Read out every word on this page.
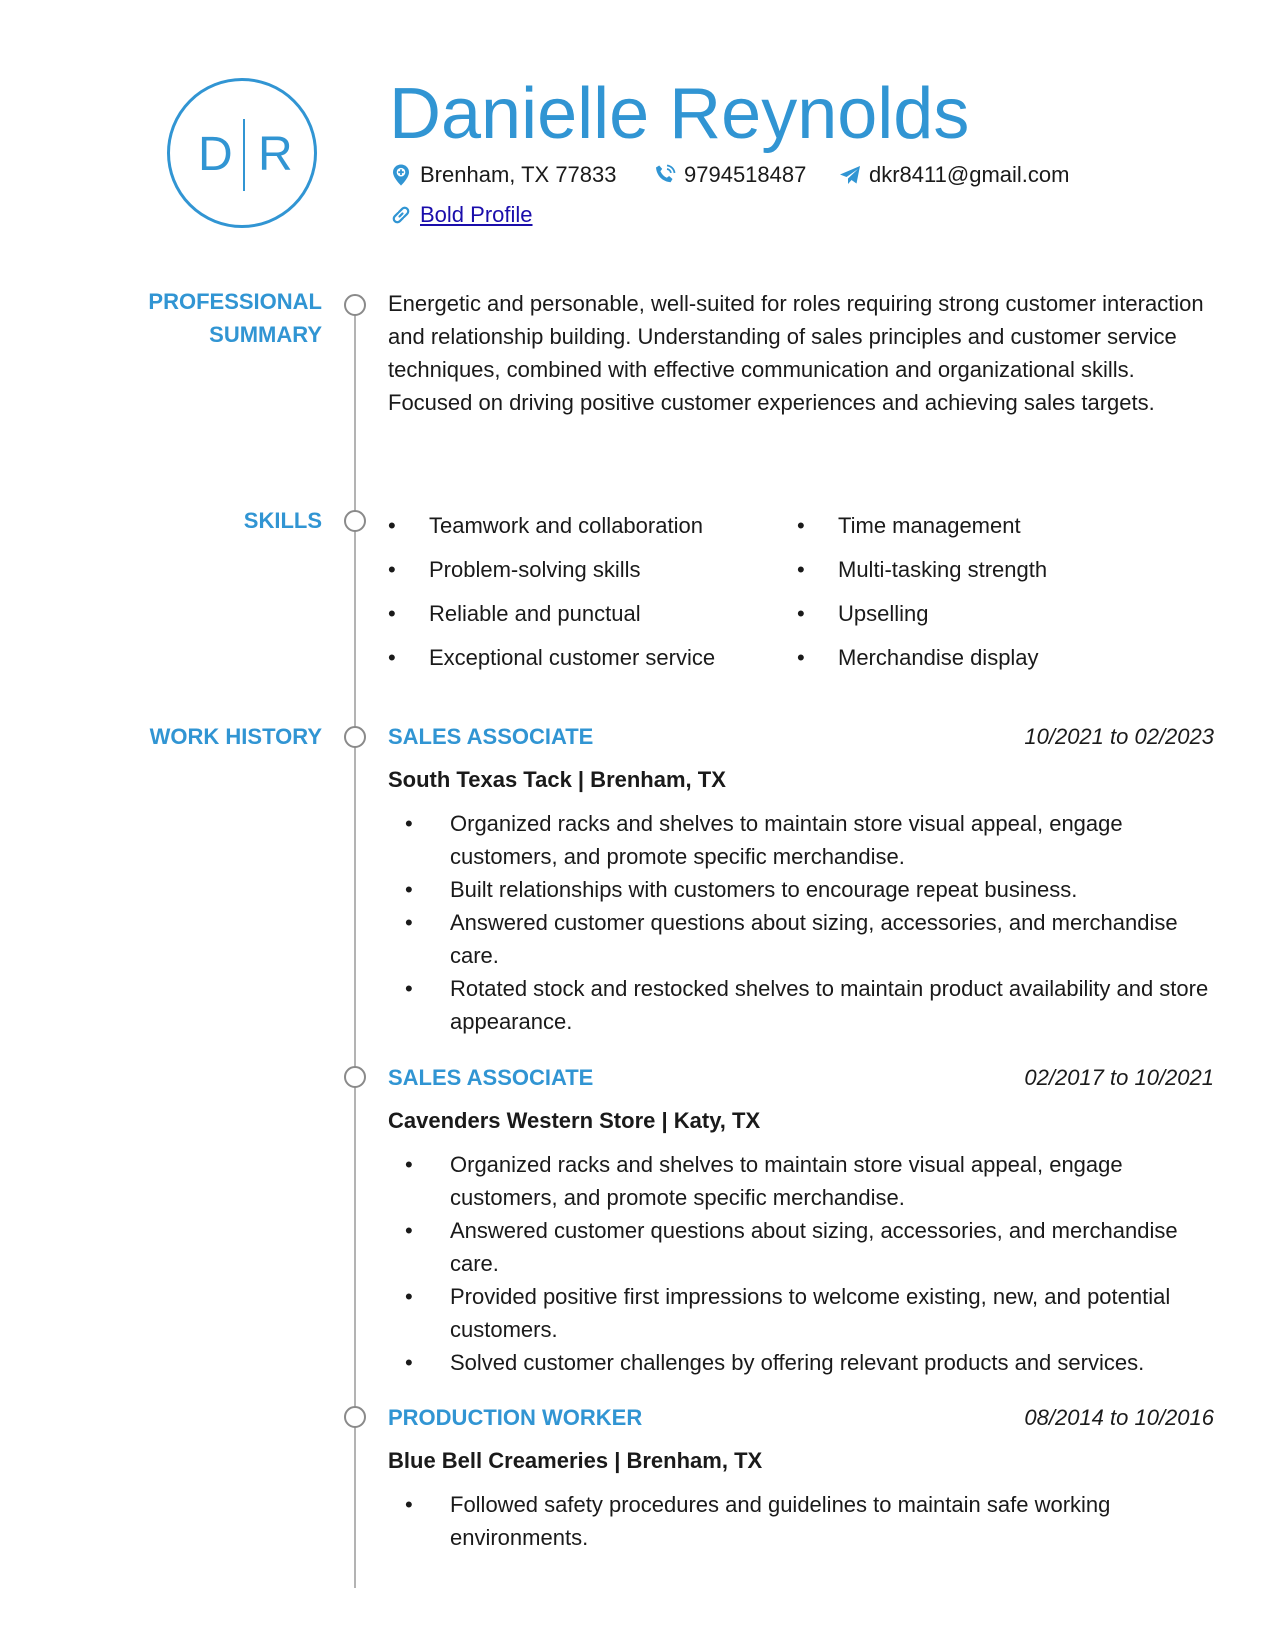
D R
Danielle Reynolds
Brenham, TX 77833	9794518487	dkr8411@gmail.com
Bold Profile
PROFESSIONAL
SUMMARY
Energetic and personable, well-suited for roles requiring strong customer interaction and relationship building. Understanding of sales principles and customer service techniques, combined with effective communication and organizational skills. Focused on driving positive customer experiences and achieving sales targets.
SKILLS
•	Teamwork and collaboration
• Problem-solving skills
• Reliable and punctual
• Exceptional customer service
• Time management
• Multi-tasking strength
• Upselling
• Merchandise display
WORK HISTORY	SALES ASSOCIATE	10/2021 to 02/2023
South Texas Tack | Brenham, TX
• Organized racks and shelves to maintain store visual appeal, engage customers, and promote specific merchandise.
• Built relationships with customers to encourage repeat business.
• Answered customer questions about sizing, accessories, and merchandise care.
• Rotated stock and restocked shelves to maintain product availability and store appearance.
SALES ASSOCIATE	02/2017 to 10/2021
Cavenders Western Store | Katy, TX
• Organized racks and shelves to maintain store visual appeal, engage customers, and promote specific merchandise.
• Answered customer questions about sizing, accessories, and merchandise care.
• Provided positive first impressions to welcome existing, new, and potential customers.
• Solved customer challenges by offering relevant products and services.
PRODUCTION WORKER	08/2014 to 10/2016
Blue Bell Creameries | Brenham, TX
• Followed safety procedures and guidelines to maintain safe working environments.
